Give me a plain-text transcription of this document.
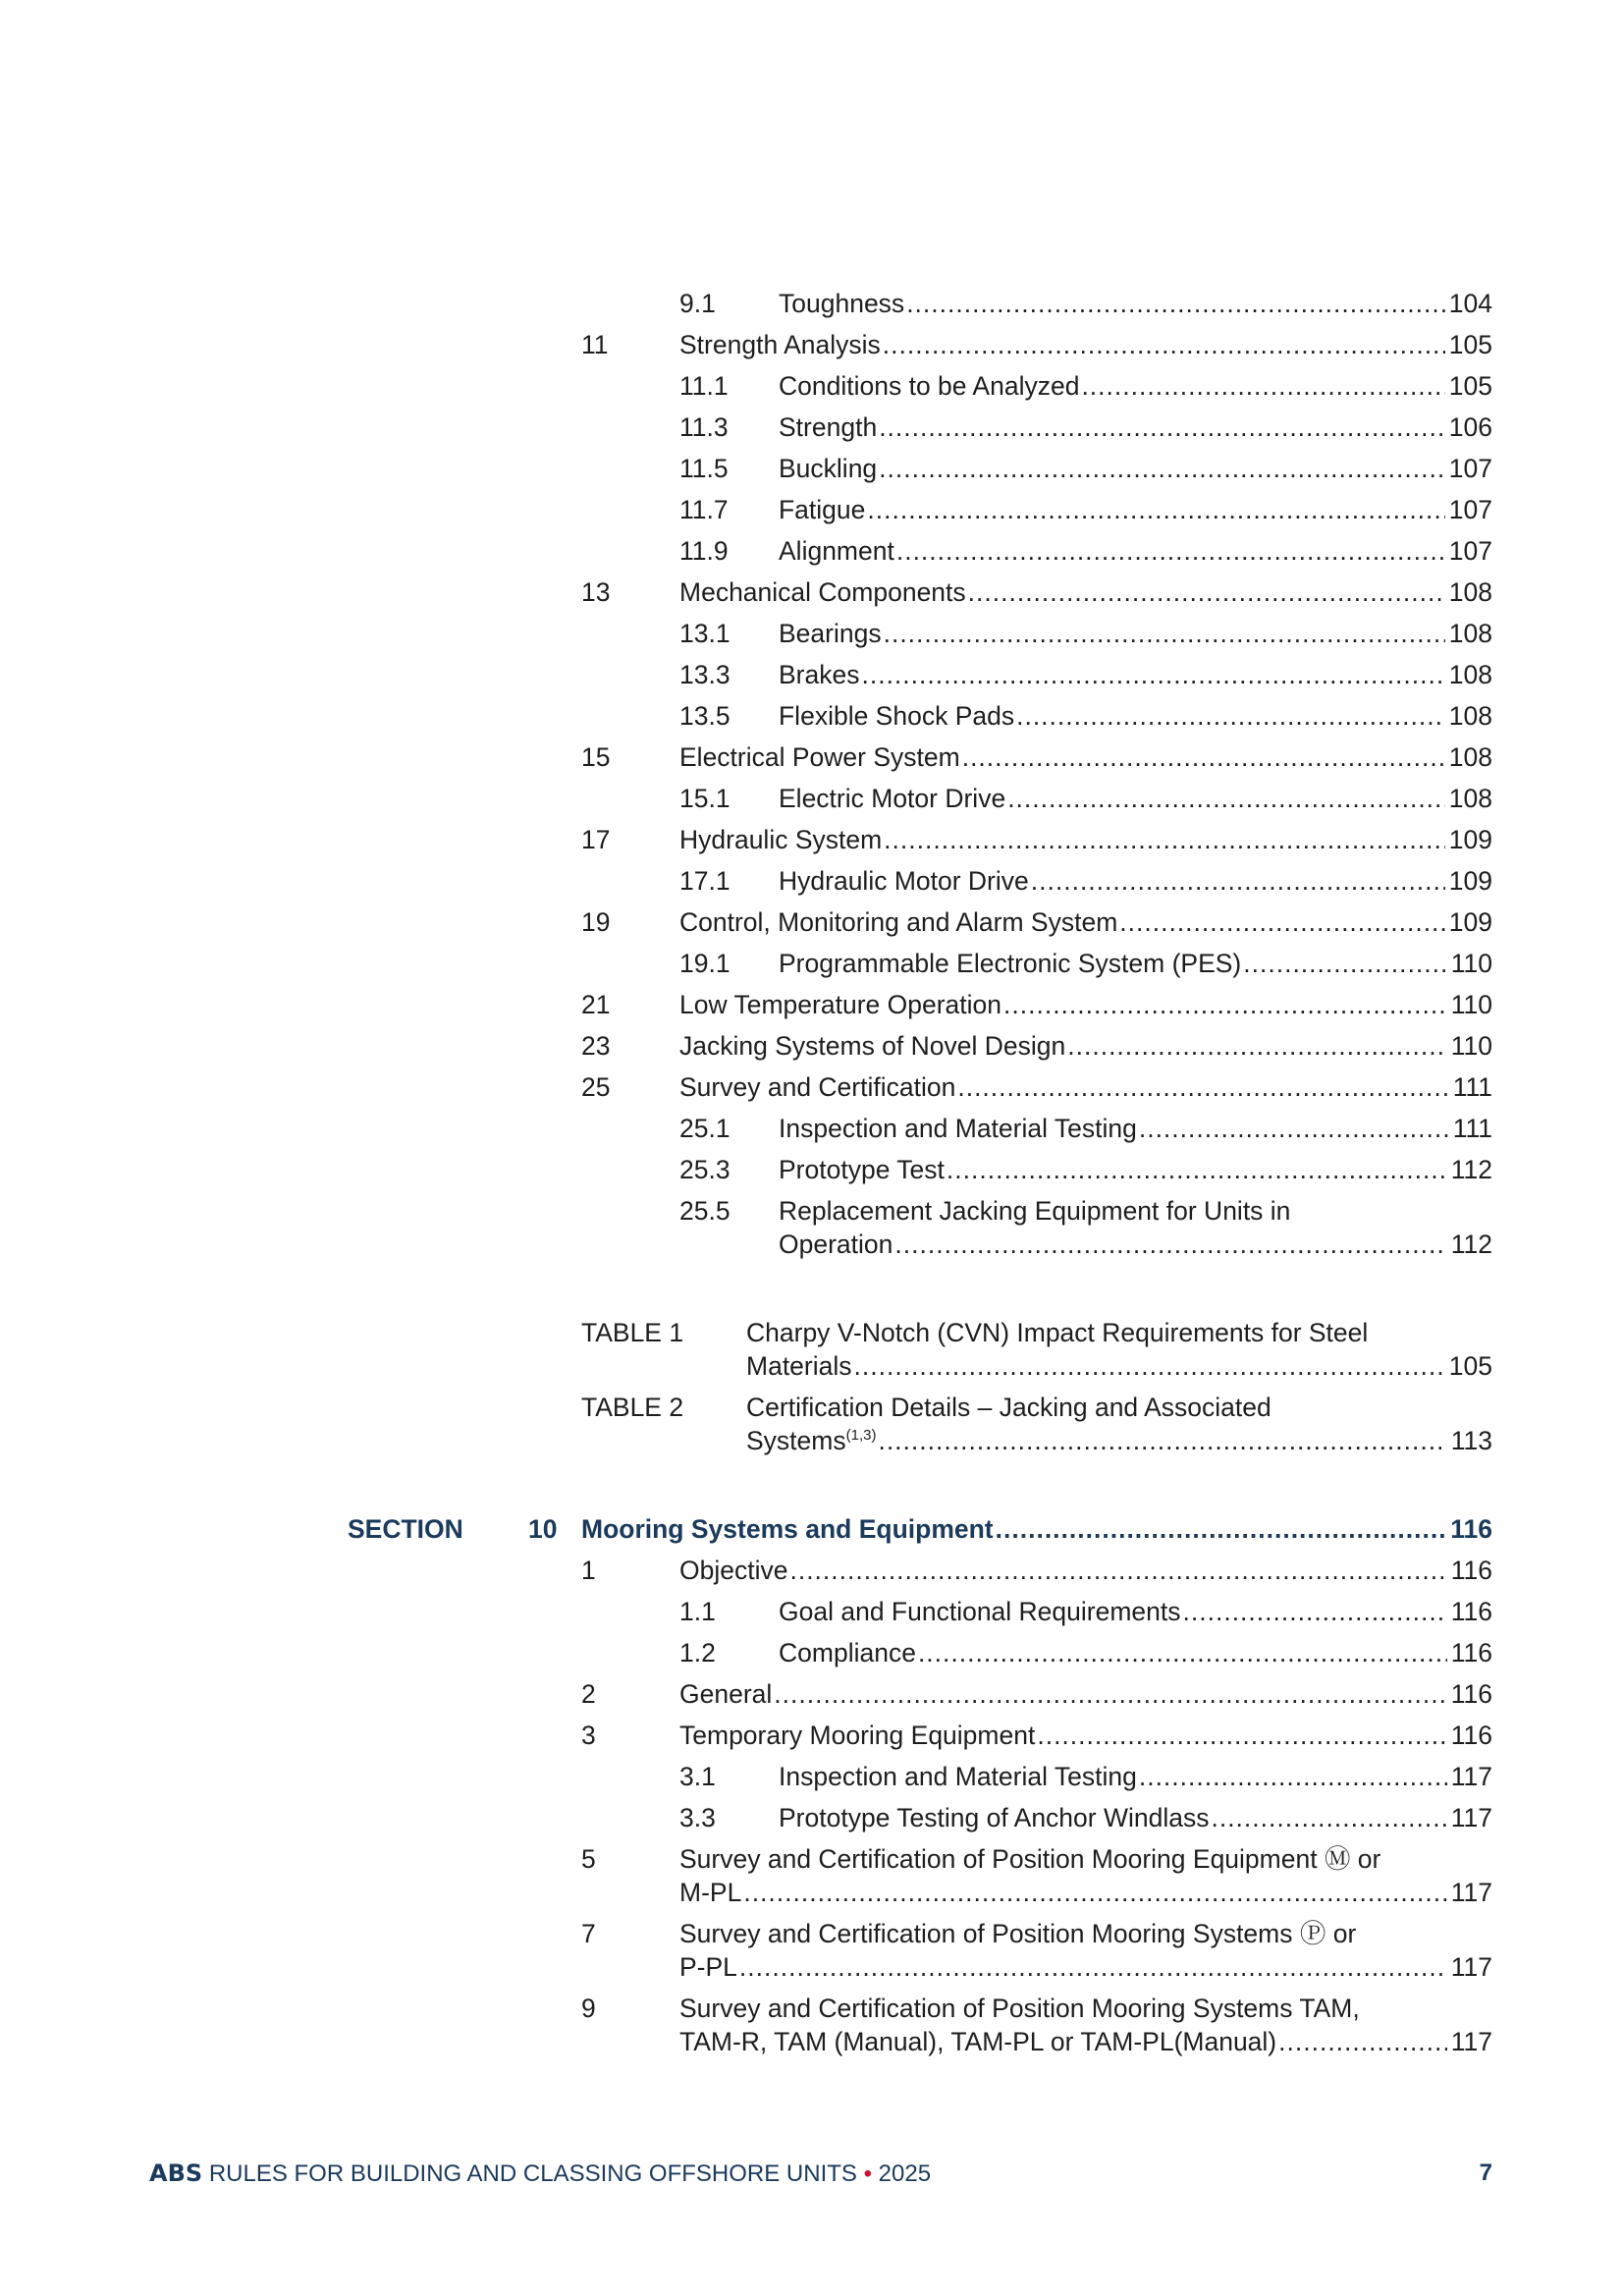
9.1 Toughness .....	104
11	Strength Analysis .....	105
11.1 Conditions to be Analyzed .....	105
11.3 Strength .....	106
11.5 Buckling .....	107
11.7 Fatigue .....	107
11.9 Alignment .....	107
13	Mechanical Components .....	108
13.1 Bearings .....	108
13.3 Brakes .....	108
13.5 Flexible Shock Pads .....	108
15	Electrical Power System .....	108
15.1 Electric Motor Drive .....	108
17	Hydraulic System .....	109
17.1 Hydraulic Motor Drive .....	109
19	Control, Monitoring and Alarm System .....	109
19.1 Programmable Electronic System (PES) .....	110
21	Low Temperature Operation .....	110
23	Jacking Systems of Novel Design .....	110
25	Survey and Certification .....	111
25.1 Inspection and Material Testing .....	111
25.3 Prototype Test .....	112
25.5 Replacement Jacking Equipment for Units in
Operation .....	112
TABLE 1 Charpy V-Notch (CVN) Impact Requirements for Steel
Materials .....	105
TABLE 2 Certification Details – Jacking and Associated
Systems$^{(1,3)}$ .....	113
SECTION 10 Mooring Systems and Equipment .....	116
1	Objective .....	116
1.1 Goal and Functional Requirements .....	116
1.2 Compliance .....	116
2	General .....	116
3	Temporary Mooring Equipment .....	116
3.1 Inspection and Material Testing .....	117
3.3 Prototype Testing of Anchor Windlass .....	117
5	Survey and Certification of Position Mooring Equipment Ⓜ or
M-PL .....	117
7	Survey and Certification of Position Mooring Systems Ⓟ or
P-PL .....	117
9	Survey and Certification of Position Mooring Systems TAM,
TAM-R, TAM (Manual), TAM-PL or TAM-PL(Manual) .....	117
ABS RULES FOR BUILDING AND CLASSING OFFSHORE UNITS • 2025	7
